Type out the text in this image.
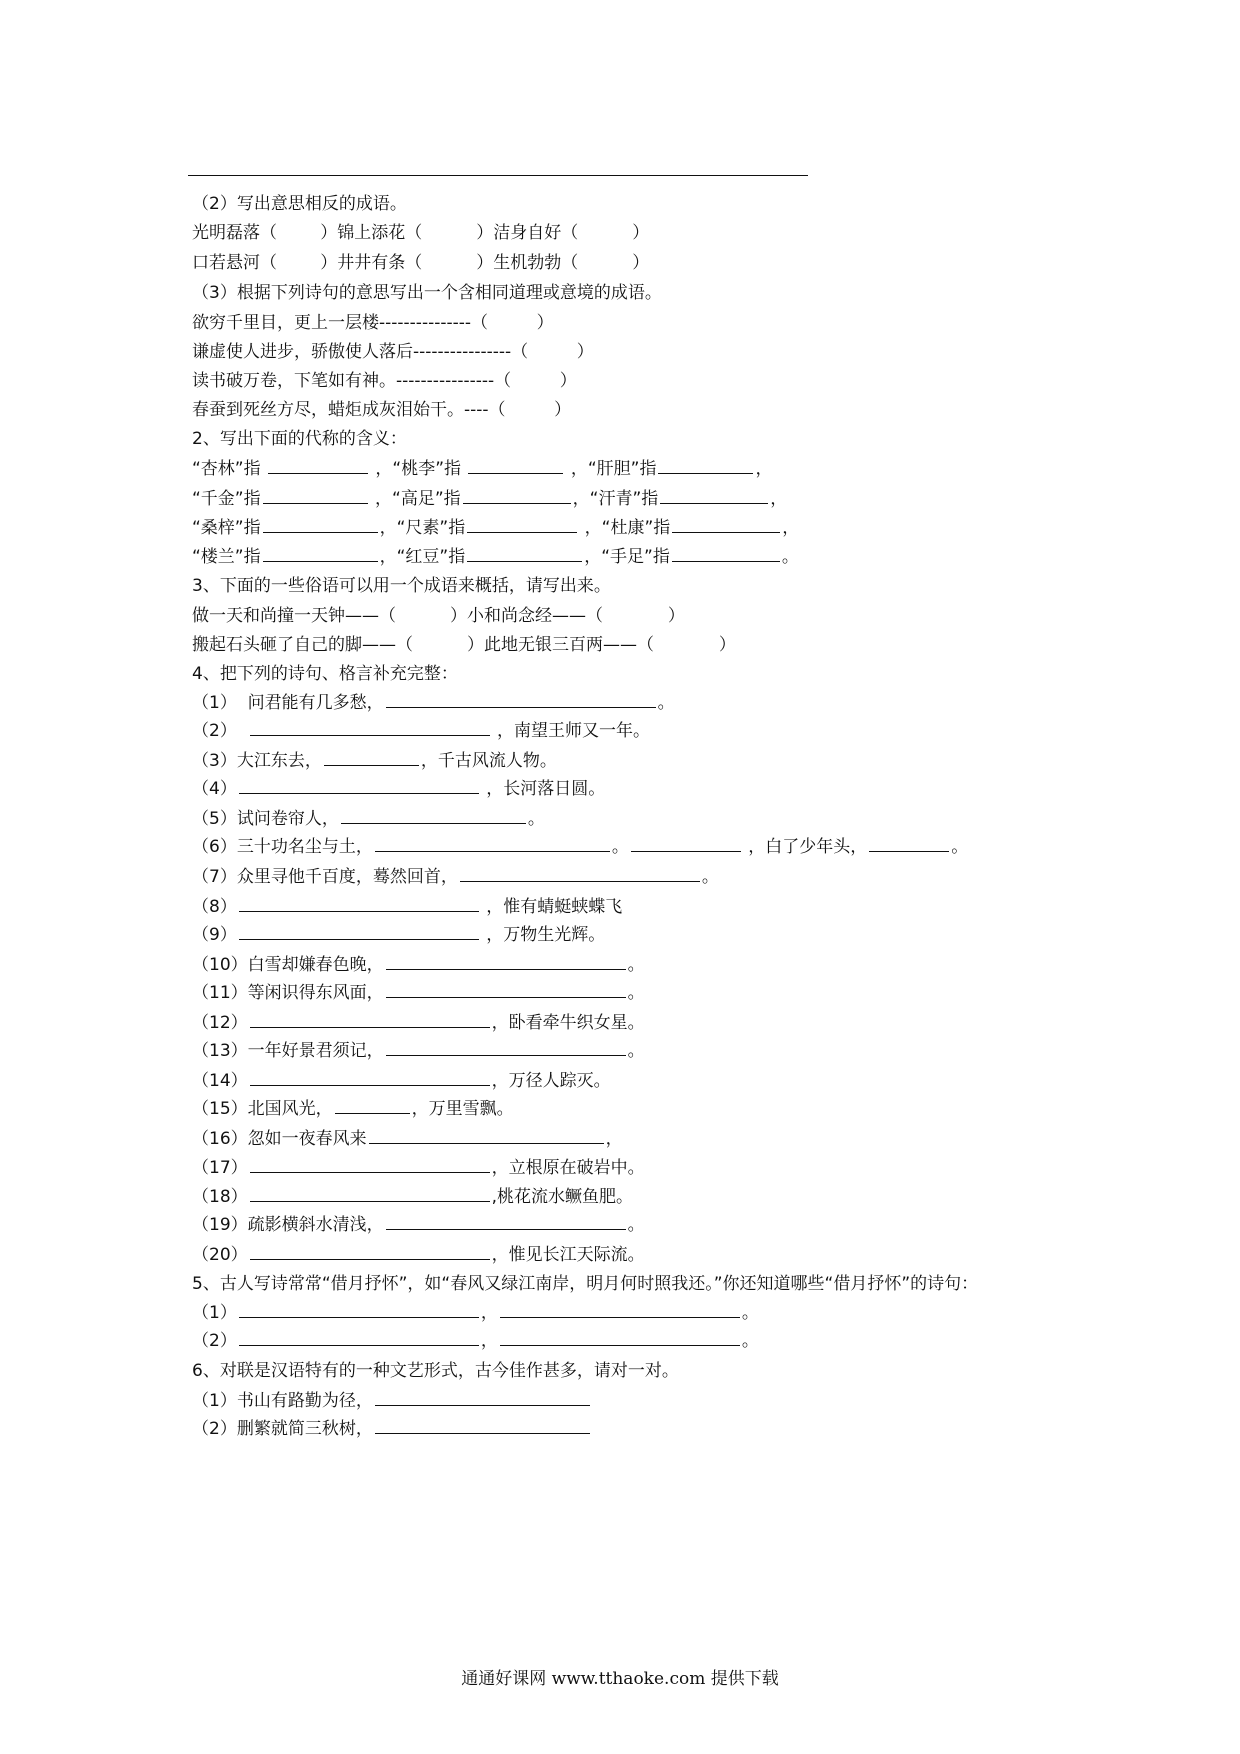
（2）写出意思相反的成语。
光明磊落（        ）锦上添花（          ）洁身自好（          ）
口若悬河（        ）井井有条（          ）生机勃勃（          ）
（3）根据下列诗句的意思写出一个含相同道理或意境的成语。
欲穷千里目，更上一层楼---------------（         ）
谦虚使人进步，骄傲使人落后----------------（         ）
读书破万卷，下笔如有神。----------------（         ）
春蚕到死丝方尽，蜡炬成灰泪始干。----（         ）
2、写出下面的代称的含义：
“杏林”指	，“桃李”指	，“肝胆”指	，
“千金”指	，“高足”指	，“汗青”指	，
“桑梓”指	，“尺素”指	，“杜康”指	，
“楼兰”指	，“红豆”指	，“手足”指	。
3、下面的一些俗语可以用一个成语来概括，请写出来。
做一天和尚撞一天钟——（          ）小和尚念经——（            ）
搬起石头砸了自己的脚——（          ）此地无银三百两——（            ）
4、把下列的诗句、格言补充完整：
（1）  问君能有几多愁，	。
（2）	，南望王师又一年。
（3）大江东去，	，千古风流人物。
（4）	，长河落日圆。
（5）试问卷帘人，	。
（6）三十功名尘与土，	。	，白了少年头，	。
（7）众里寻他千百度，蓦然回首，	。
（8）	，惟有蜻蜓蛱蝶飞
（9）	，万物生光辉。
（10）白雪却嫌春色晚，	。
（11）等闲识得东风面，	。
（12）	，卧看牵牛织女星。
（13）一年好景君须记，	。
（14）	，万径人踪灭。
（15）北国风光，	，万里雪飘。
（16）忽如一夜春风来	，
（17）	，立根原在破岩中。
（18）	,桃花流水鳜鱼肥。
（19）疏影横斜水清浅，	。
（20）	，惟见长江天际流。
5、古人写诗常常“借月抒怀”，如“春风又绿江南岸，明月何时照我还。”你还知道哪些“借月抒怀”的诗句：
（1）	，	。
（2）	，	。
6、对联是汉语特有的一种文艺形式，古今佳作甚多，请对一对。
（1）书山有路勤为径，
（2）删繁就简三秋树，
通通好课网 www.tthaoke.com 提供下载
